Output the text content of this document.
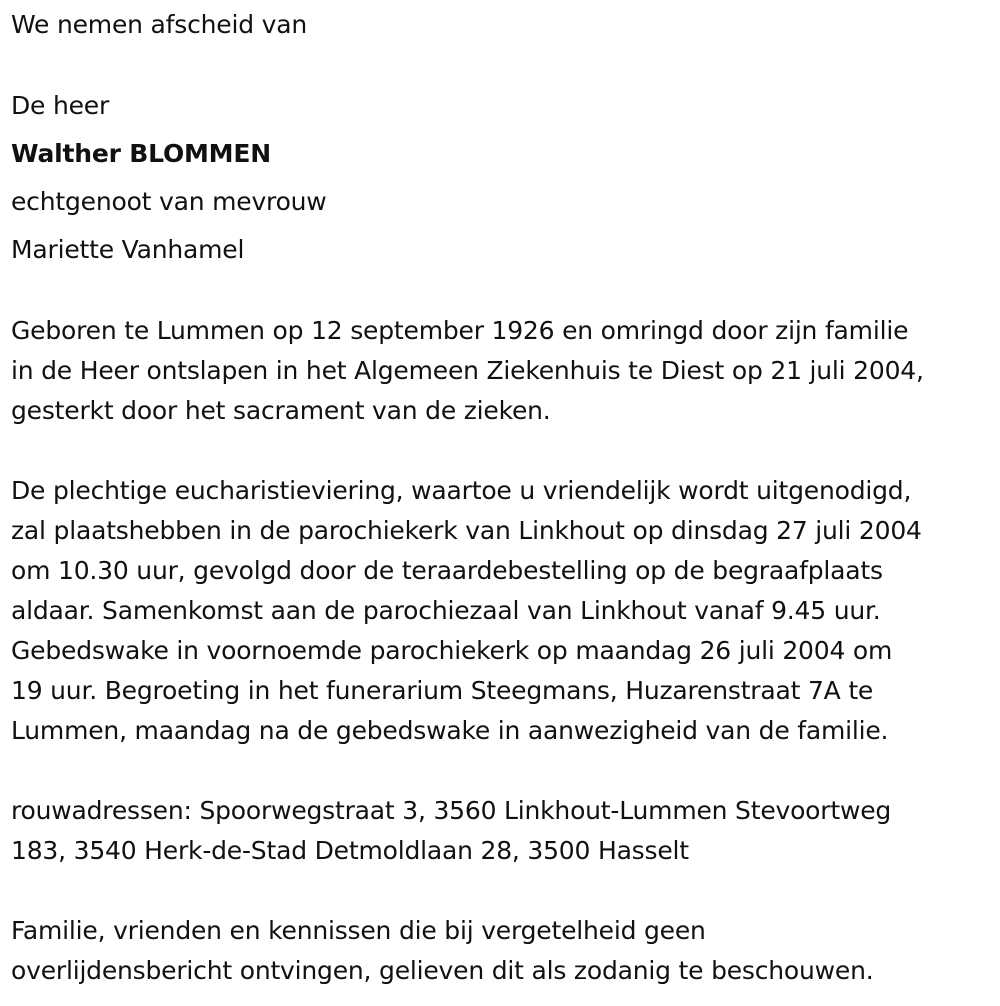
We nemen afscheid van
De heer
Walther BLOMMEN
echtgenoot van mevrouw
Mariette Vanhamel
Geboren te Lummen op 12 september 1926 en omringd door zijn familie
in de Heer ontslapen in het Algemeen Ziekenhuis te Diest op 21 juli 2004,
gesterkt door het sacrament van de zieken.
De plechtige eucharistieviering, waartoe u vriendelijk wordt uitgenodigd,
zal plaatshebben in de parochiekerk van Linkhout op dinsdag 27 juli 2004
om 10.30 uur, gevolgd door de teraardebestelling op de begraafplaats
aldaar. Samenkomst aan de parochiezaal van Linkhout vanaf 9.45 uur.
Gebedswake in voornoemde parochiekerk op maandag 26 juli 2004 om
19 uur. Begroeting in het funerarium Steegmans, Huzarenstraat 7A te
Lummen, maandag na de gebedswake in aanwezigheid van de familie.
rouwadressen: Spoorwegstraat 3, 3560 Linkhout-Lummen Stevoortweg
183, 3540 Herk-de-Stad Detmoldlaan 28, 3500 Hasselt
Familie, vrienden en kennissen die bij vergetelheid geen
overlijdensbericht ontvingen, gelieven dit als zodanig te beschouwen.
